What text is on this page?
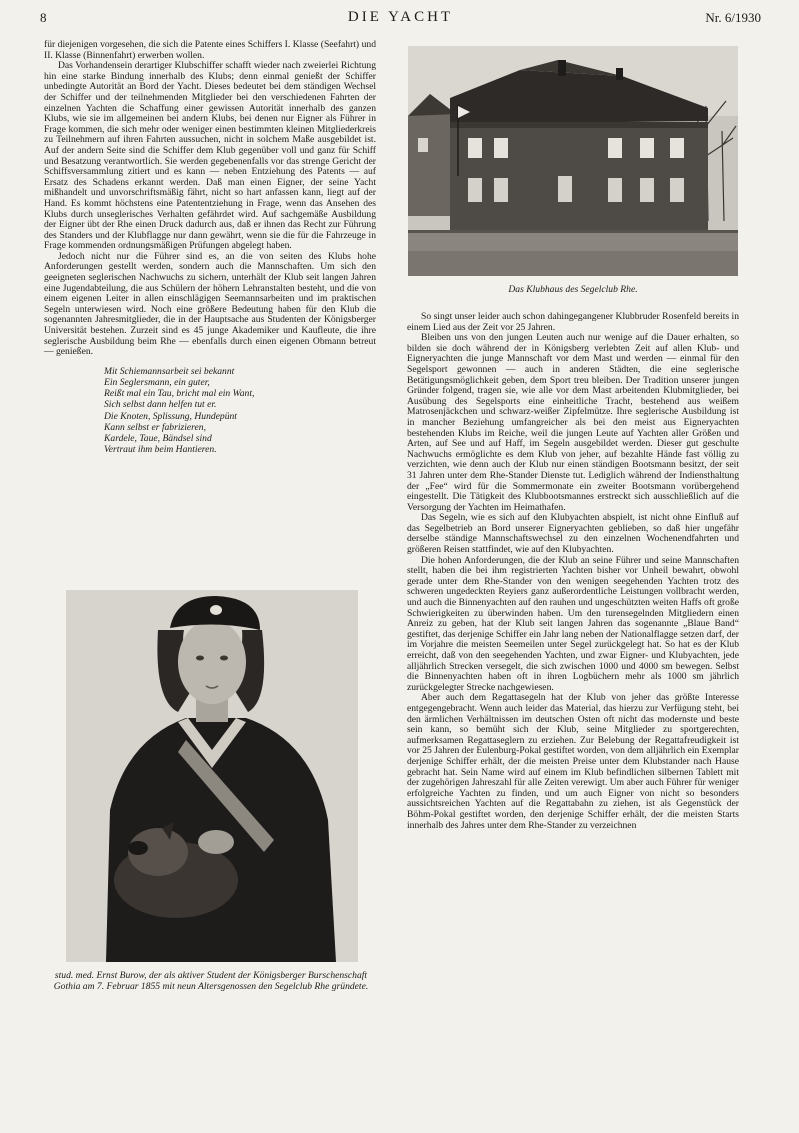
8	DIE YACHT	Nr. 6/1930

für diejenigen vorgesehen, die sich die Patente eines Schiffers I. Klasse (Seefahrt) und II. Klasse (Binnenfahrt) erwerben wollen.

Das Vorhandensein derartiger Klubschiffer schafft wieder nach zweierlei Richtung hin eine starke Bindung innerhalb des Klubs; denn einmal genießt der Schiffer unbedingte Autorität an Bord der Yacht. Dieses bedeutet bei dem ständigen Wechsel der Schiffer und der teilnehmenden Mitglieder bei den verschiedenen Fahrten der einzelnen Yachten die Schaffung einer gewissen Autorität innerhalb des ganzen Klubs, wie sie im allgemeinen bei andern Klubs, bei denen nur Eigner als Führer in Frage kommen, die sich mehr oder weniger einen bestimmten kleinen Mitgliederkreis zu Teilnehmern auf ihren Fahrten aussuchen, nicht in solchem Maße ausgebildet ist. Auf der andern Seite sind die Schiffer dem Klub gegenüber voll und ganz für Schiff und Besatzung verantwortlich. Sie werden gegebenenfalls vor das strenge Gericht der Schiffsversammlung zitiert und es kann — neben Entziehung des Patents — auf Ersatz des Schadens erkannt werden. Daß man einen Eigner, der seine Yacht mißhandelt und unvorschriftsmäßig fährt, nicht so hart anfassen kann, liegt auf der Hand. Es kommt höchstens eine Patententziehung in Frage, wenn das Ansehen des Klubs durch unseglerisches Verhalten gefährdet wird. Auf sachgemäße Ausbildung der Eigner übt der Rhe einen Druck dadurch aus, daß er ihnen das Recht zur Führung des Standers und der Klubflagge nur dann gewährt, wenn sie die für die Fahrzeuge in Frage kommenden ordnungsmäßigen Prüfungen abgelegt haben.

Jedoch nicht nur die Führer sind es, an die von seiten des Klubs hohe Anforderungen gestellt werden, sondern auch die Mannschaften. Um sich den geeigneten seglerischen Nachwuchs zu sichern, unterhält der Klub seit langen Jahren eine Jugendabteilung, die aus Schülern der höhern Lehranstalten besteht, und die von einem eigenen Leiter in allen einschlägigen Seemannsarbeiten und im praktischen Segeln unterwiesen wird. Noch eine größere Bedeutung haben für den Klub die sogenannten Jahresmitglieder, die in der Hauptsache aus Studenten der Königsberger Universität bestehen. Zurzeit sind es 45 junge Akademiker und Kaufleute, die ihre seglerische Ausbildung beim Rhe — ebenfalls durch einen eigenen Obmann betreut — genießen.

Mit Schiemannsarbeit sei bekannt
Ein Seglersmann, ein guter,
Reißt mal ein Tau, bricht mal ein Want,
Sich selbst dann helfen tut er.
Die Knoten, Splissung, Hundepünt
Kann selbst er fabrizieren,
Kardele, Taue, Bändsel sind
Vertraut ihm beim Hantieren.
Das Klubhaus des Segelclub Rhe.
stud. med. Ernst Burow, der als aktiver Student der Königsberger Burschenschaft Gothia am 7. Februar 1855 mit neun Altersgenossen den Segelclub Rhe gründete.

So singt unser leider auch schon dahingegangener Klubbruder Rosenfeld bereits in einem Lied aus der Zeit vor 25 Jahren.

Bleiben uns von den jungen Leuten auch nur wenige auf die Dauer erhalten, so bilden sie doch während der in Königsberg verlebten Zeit auf allen Klub- und Eigneryachten die junge Mannschaft vor dem Mast und werden — einmal für den Segelsport gewonnen — auch in anderen Städten, die eine seglerische Betätigungsmöglichkeit geben, dem Sport treu bleiben. Der Tradition unserer jungen Gründer folgend, tragen sie, wie alle vor dem Mast arbeitenden Klubmitglieder, bei Ausübung des Segelsports eine einheitliche Tracht, bestehend aus weißem Matrosenjäckchen und schwarz-weißer Zipfelmütze. Ihre seglerische Ausbildung ist in mancher Beziehung umfangreicher als bei den meist aus Eigneryachten bestehenden Klubs im Reiche, weil die jungen Leute auf Yachten aller Größen und Arten, auf See und auf Haff, im Segeln ausgebildet werden. Dieser gut geschulte Nachwuchs ermöglichte es dem Klub von jeher, auf bezahlte Hände fast völlig zu verzichten, wie denn auch der Klub nur einen ständigen Bootsmann besitzt, der seit 31 Jahren unter dem Rhe-Stander Dienste tut. Lediglich während der Indiensthaltung der „Fee“ wird für die Sommermonate ein zweiter Bootsmann vorübergehend eingestellt. Die Tätigkeit des Klubbootsmannes erstreckt sich ausschließlich auf die Versorgung der Yachten im Heimathafen.

Das Segeln, wie es sich auf den Klubyachten abspielt, ist nicht ohne Einfluß auf das Segelbetrieb an Bord unserer Eigneryachten geblieben, so daß hier ungefähr derselbe ständige Mannschaftswechsel zu den einzelnen Wochenendfahrten und größeren Reisen stattfindet, wie auf den Klubyachten.

Die hohen Anforderungen, die der Klub an seine Führer und seine Mannschaften stellt, haben die bei ihm registrierten Yachten bisher vor Unheil bewahrt, obwohl gerade unter dem Rhe-Stander von den wenigen seegehenden Yachten trotz des schweren ungedeckten Reyiers ganz außerordentliche Leistungen vollbracht werden, und auch die Binnenyachten auf den rauhen und ungeschützten weiten Haffs oft große Schwierigkeiten zu überwinden haben. Um den turensegelnden Mitgliedern einen Anreiz zu geben, hat der Klub seit langen Jahren das sogenannte „Blaue Band“ gestiftet, das derjenige Schiffer ein Jahr lang neben der Nationalflagge setzen darf, der im Vorjahre die meisten Seemeilen unter Segel zurückgelegt hat. So hat es der Klub erreicht, daß von den seegehenden Yachten, und zwar Eigner- und Klubyachten, jede alljährlich Strecken versegelt, die sich zwischen 1000 und 4000 sm bewegen. Selbst die Binnenyachten haben oft in ihren Logbüchern mehr als 1000 sm jährlich zurückgelegter Strecke nachgewiesen.

Aber auch dem Regattasegeln hat der Klub von jeher das größte Interesse entgegengebracht. Wenn auch leider das Material, das hierzu zur Verfügung steht, bei den ärmlichen Verhältnissen im deutschen Osten oft nicht das modernste und beste sein kann, so bemüht sich der Klub, seine Mitglieder zu sportgerechten, aufmerksamen Regattaseglern zu erziehen. Zur Belebung der Regattafreudigkeit ist vor 25 Jahren der Eulenburg-Pokal gestiftet worden, von dem alljährlich ein Exemplar derjenige Schiffer erhält, der die meisten Preise unter dem Klubstander nach Hause gebracht hat. Sein Name wird auf einem im Klub befindlichen silbernen Tablett mit der zugehörigen Jahreszahl für alle Zeiten verewigt. Um aber auch Führer für weniger erfolgreiche Yachten zu finden, und um auch Eigner von nicht so besonders aussichtsreichen Yachten auf die Regattabahn zu ziehen, ist als Gegenstück der Böhm-Pokal gestiftet worden, den derjenige Schiffer erhält, der die meisten Starts innerhalb des Jahres unter dem Rhe-Stander zu verzeichnen
